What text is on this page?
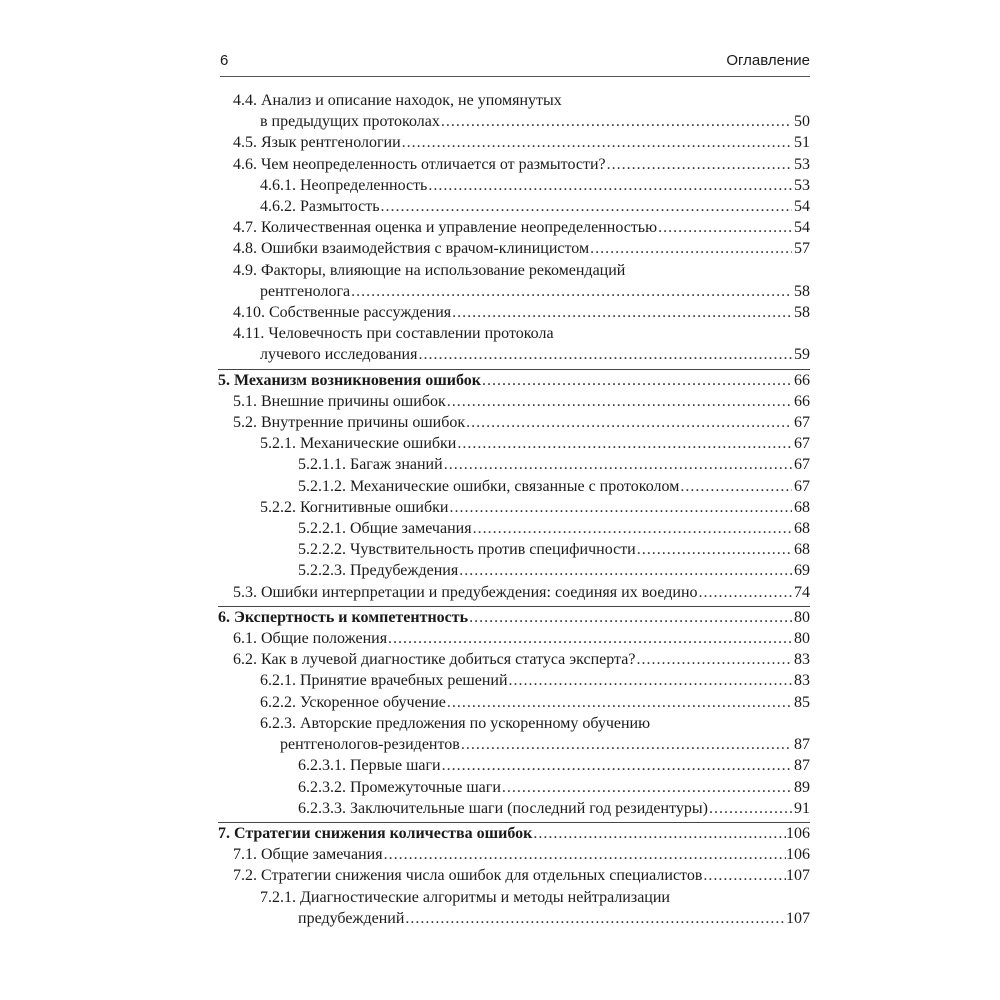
6	Оглавление
4.4. Анализ и описание находок, не упомянутых
в предыдущих протоколах .....	50
4.5. Язык рентгенологии .....	51
4.6. Чем неопределенность отличается от размытости? .....	53
4.6.1. Неопределенность .....	53
4.6.2. Размытость .....	54
4.7. Количественная оценка и управление неопределенностью .....	54
4.8. Ошибки взаимодействия с врачом-клиницистом .....	57
4.9. Факторы, влияющие на использование рекомендаций
рентгенолога .....	58
4.10. Собственные рассуждения .....	58
4.11. Человечность при составлении протокола
лучевого исследования .....	59
5. Механизм возникновения ошибок .....	66
5.1. Внешние причины ошибок .....	66
5.2. Внутренние причины ошибок .....	67
5.2.1. Механические ошибки .....	67
5.2.1.1. Багаж знаний .....	67
5.2.1.2. Механические ошибки, связанные с протоколом .....	67
5.2.2. Когнитивные ошибки .....	68
5.2.2.1. Общие замечания .....	68
5.2.2.2. Чувствительность против специфичности .....	68
5.2.2.3. Предубеждения .....	69
5.3. Ошибки интерпретации и предубеждения: соединяя их воедино .....	74
6. Экспертность и компетентность .....	80
6.1. Общие положения .....	80
6.2. Как в лучевой диагностике добиться статуса эксперта? .....	83
6.2.1. Принятие врачебных решений .....	83
6.2.2. Ускоренное обучение .....	85
6.2.3. Авторские предложения по ускоренному обучению
рентгенологов-резидентов .....	87
6.2.3.1. Первые шаги .....	87
6.2.3.2. Промежуточные шаги .....	89
6.2.3.3. Заключительные шаги (последний год резидентуры) .....	91
7. Стратегии снижения количества ошибок .....	106
7.1. Общие замечания .....	106
7.2. Стратегии снижения числа ошибок для отдельных специалистов .....	107
7.2.1. Диагностические алгоритмы и методы нейтрализации
предубеждений .....	107
